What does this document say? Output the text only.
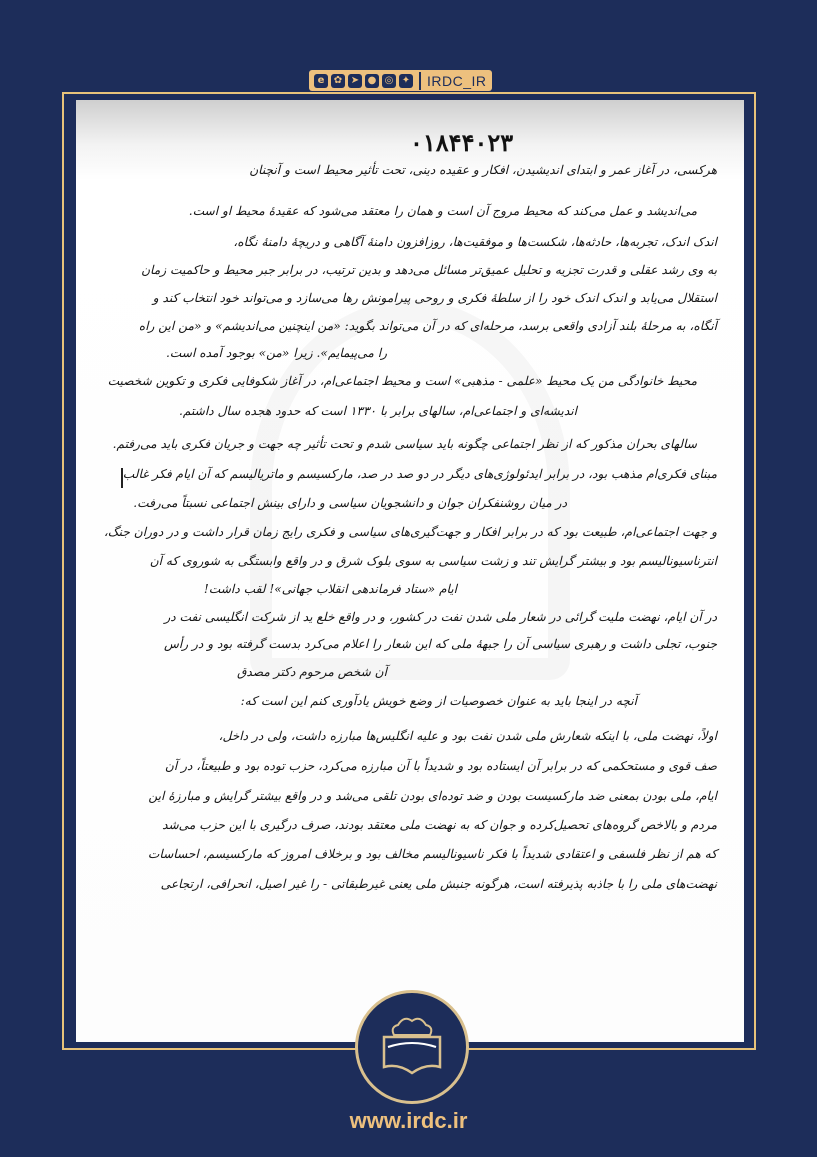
e ✿ ➤ ● ◎ ✦ IRDC_IR
۰۱۸۴۴۰۲۳
هرکسی، در آغاز عمر و ابتدای اندیشیدن، افکار و عقیده دینی، تحت تأثیر محیط است و آنچنان
می‌اندیشد و عمل می‌کند که محیط مروج آن است و همان را معتقد می‌شود که عقیدهٔ محیط او است.
اندک اندک، تجربه‌ها، حادثه‌ها، شکست‌ها و موفقیت‌ها، روزافزون دامنهٔ آگاهی و دریچهٔ دامنهٔ نگاه،
به وی رشد عقلی و قدرت تجزیه و تحلیل عمیق‌تر مسائل می‌دهد و بدین ترتیب، در برابر جبر محیط و حاکمیت زمان
استقلال می‌یابد و اندک اندک خود را از سلطهٔ فکری و روحی پیرامونش رها می‌سازد و می‌تواند خود انتخاب کند و
آنگاه، به مرحلهٔ بلند آزادی واقعی برسد، مرحله‌ای که در آن می‌تواند بگوید: «من اینچنین می‌اندیشم» و «من این راه
را می‌پیمایم». زیرا «من» بوجود آمده است.
محیط خانوادگی من یک محیط «علمی - مذهبی» است و محیط اجتماعی‌ام، در آغاز شکوفایی فکری و تکوین شخصیت
اندیشه‌ای و اجتماعی‌ام، سالهای برابر با ۱۳۳۰ است که حدود هجده سال داشتم.
سالهای بحران مذکور که از نظر اجتماعی چگونه باید سیاسی شدم و تحت تأثیر چه جهت و جریان فکری باید می‌رفتم.
مبنای فکری‌ام مذهب بود، در برابر ایدئولوژی‌های دیگر در دو صد در صد، مارکسیسم و ماتریالیسم که آن ایام فکر غالب
در میان روشنفکران جوان و دانشجویان سیاسی و دارای بینش اجتماعی نسبتاً می‌رفت.
و جهت اجتماعی‌ام، طبیعت بود که در برابر افکار و جهت‌گیری‌های سیاسی و فکری رایج زمان قرار داشت و در دوران جنگ،
انترناسیونالیسم بود و بیشتر گرایش تند و زشت سیاسی به سوی بلوک شرق و در واقع وابستگی به شوروی که آن
ایام «ستاد فرماندهی انقلاب جهانی»! لقب داشت!
در آن ایام، نهضت ملیت گرائی در شعار ملی شدن نفت در کشور، و در واقع خلع ید از شرکت انگلیسی نفت در
جنوب، تجلی داشت و رهبری سیاسی آن را جبههٔ ملی که این شعار را اعلام می‌کرد بدست گرفته بود و در رأس
آن شخص مرحوم دکتر مصدق
آنچه در اینجا باید به عنوان خصوصیات از وضع خویش یادآوری کنم این است که:
اولاً، نهضت ملی، با اینکه شعارش ملی شدن نفت بود و علیه انگلیس‌ها مبارزه داشت، ولی در داخل،
صف قوی و مستحکمی که در برابر آن ایستاده بود و شدیداً با آن مبارزه می‌کرد، حزب توده بود و طبیعتاً، در آن
ایام، ملی بودن بمعنی ضد مارکسیست بودن و ضد توده‌ای بودن تلقی می‌شد و در واقع بیشتر گرایش و مبارزهٔ این
مردم و بالاخص گروه‌های تحصیل‌کرده و جوان که به نهضت ملی معتقد بودند، صرف درگیری با این حزب می‌شد
که هم از نظر فلسفی و اعتقادی شدیداً با فکر ناسیونالیسم مخالف بود و برخلاف امروز که مارکسیسم، احساسات
نهضت‌های ملی را با جاذبه پذیرفته است، هرگونه جنبش ملی یعنی غیرطبقاتی - را غیر اصیل، انحرافی، ارتجاعی
www.irdc.ir
